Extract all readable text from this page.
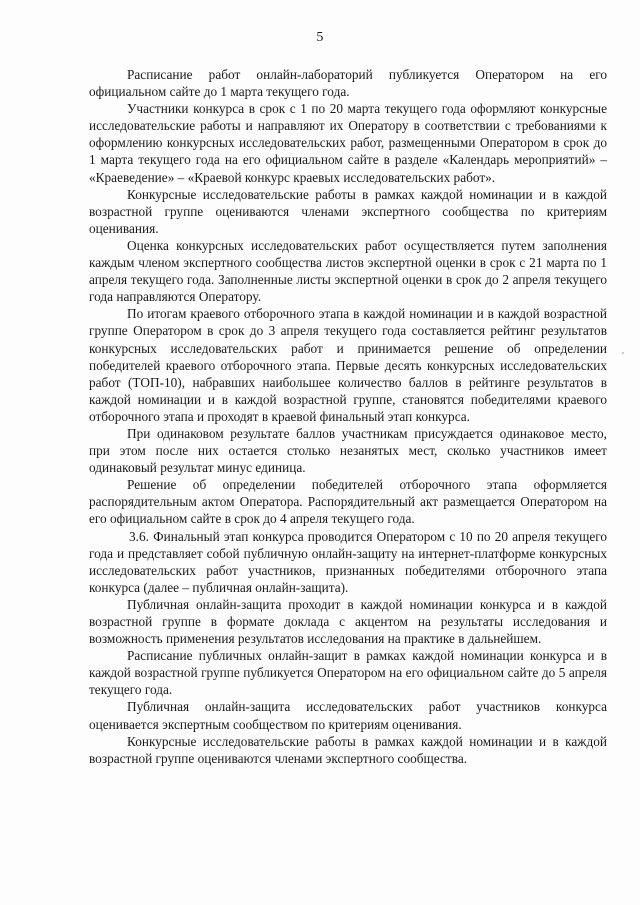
5

Расписание работ онлайн-лабораторий публикуется Оператором на его официальном сайте до 1 марта текущего года.

Участники конкурса в срок с 1 по 20 марта текущего года оформляют конкурсные исследовательские работы и направляют их Оператору в соответствии с требованиями к оформлению конкурсных исследовательских работ, размещенными Оператором в срок до 1 марта текущего года на его официальном сайте в разделе «Календарь мероприятий» – «Краеведение» – «Краевой конкурс краевых исследовательских работ».

Конкурсные исследовательские работы в рамках каждой номинации и в каждой возрастной группе оцениваются членами экспертного сообщества по критериям оценивания.

Оценка конкурсных исследовательских работ осуществляется путем заполнения каждым членом экспертного сообщества листов экспертной оценки в срок с 21 марта по 1 апреля текущего года. Заполненные листы экспертной оценки в срок до 2 апреля текущего года направляются Оператору.

По итогам краевого отборочного этапа в каждой номинации и в каждой возрастной группе Оператором в срок до 3 апреля текущего года составляется рейтинг результатов конкурсных исследовательских работ и принимается решение об определении победителей краевого отборочного этапа. Первые десять конкурсных исследовательских работ (ТОП-10), набравших наибольшее количество баллов в рейтинге результатов в каждой номинации и в каждой возрастной группе, становятся победителями краевого отборочного этапа и проходят в краевой финальный этап конкурса.

При одинаковом результате баллов участникам присуждается одинаковое место, при этом после них остается столько незанятых мест, сколько участников имеет одинаковый результат минус единица.

Решение об определении победителей отборочного этапа оформляется распорядительным актом Оператора. Распорядительный акт размещается Оператором на его официальном сайте в срок до 4 апреля текущего года.

3.6. Финальный этап конкурса проводится Оператором с 10 по 20 апреля текущего года и представляет собой публичную онлайн-защиту на интернет-платформе конкурсных исследовательских работ участников, признанных победителями отборочного этапа конкурса (далее – публичная онлайн-защита).

Публичная онлайн-защита проходит в каждой номинации конкурса и в каждой возрастной группе в формате доклада с акцентом на результаты исследования и возможность применения результатов исследования на практике в дальнейшем.

Расписание публичных онлайн-защит в рамках каждой номинации конкурса и в каждой возрастной группе публикуется Оператором на его официальном сайте до 5 апреля текущего года.

Публичная онлайн-защита исследовательских работ участников конкурса оценивается экспертным сообществом по критериям оценивания.

Конкурсные исследовательские работы в рамках каждой номинации и в каждой возрастной группе оцениваются членами экспертного сообщества.
